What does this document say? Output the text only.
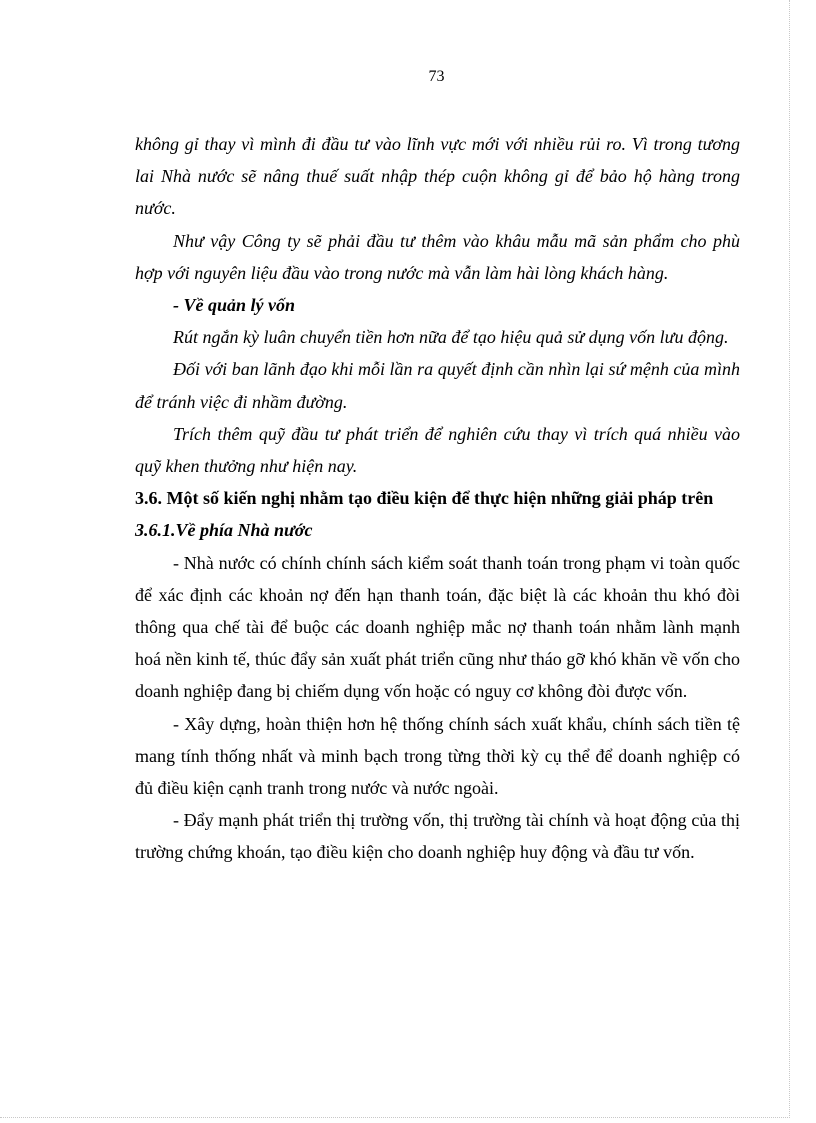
73

không gỉ thay vì mình đi đầu tư vào lĩnh vực mới với nhiều rủi ro. Vì trong tương lai Nhà nước sẽ nâng thuế suất nhập thép cuộn không gỉ để bảo hộ hàng trong nước.

Như vậy Công ty sẽ phải đầu tư thêm vào khâu mẫu mã sản phẩm cho phù hợp với nguyên liệu đầu vào trong nước mà vẫn làm hài lòng khách hàng.

- Về quản lý vốn

Rút ngắn kỳ luân chuyển tiền hơn nữa để tạo hiệu quả sử dụng vốn lưu động.

Đối với ban lãnh đạo khi mỗi lần ra quyết định cần nhìn lại sứ mệnh của mình để tránh việc đi nhầm đường.

Trích thêm quỹ đầu tư phát triển để nghiên cứu thay vì trích quá nhiều vào quỹ khen thưởng như hiện nay.

3.6. Một số kiến nghị nhằm tạo điều kiện để thực hiện những giải pháp trên

3.6.1.Về phía Nhà nước

- Nhà nước có chính chính sách kiểm soát thanh toán trong phạm vi toàn quốc để xác định các khoản nợ đến hạn thanh toán, đặc biệt là các khoản thu khó đòi thông qua chế tài để buộc các doanh nghiệp mắc nợ thanh toán nhằm lành mạnh hoá nền kinh tế, thúc đẩy sản xuất phát triển cũng như tháo gỡ khó khăn về vốn cho doanh nghiệp đang bị chiếm dụng vốn hoặc có nguy cơ không đòi được vốn.

- Xây dựng, hoàn thiện hơn hệ thống chính sách xuất khẩu, chính sách tiền tệ mang tính thống nhất và minh bạch trong từng thời kỳ cụ thể để doanh nghiệp có đủ điều kiện cạnh tranh trong nước và nước ngoài.

- Đẩy mạnh phát triển thị trường vốn, thị trường tài chính và hoạt động của thị trường chứng khoán, tạo điều kiện cho doanh nghiệp huy động và đầu tư vốn.
